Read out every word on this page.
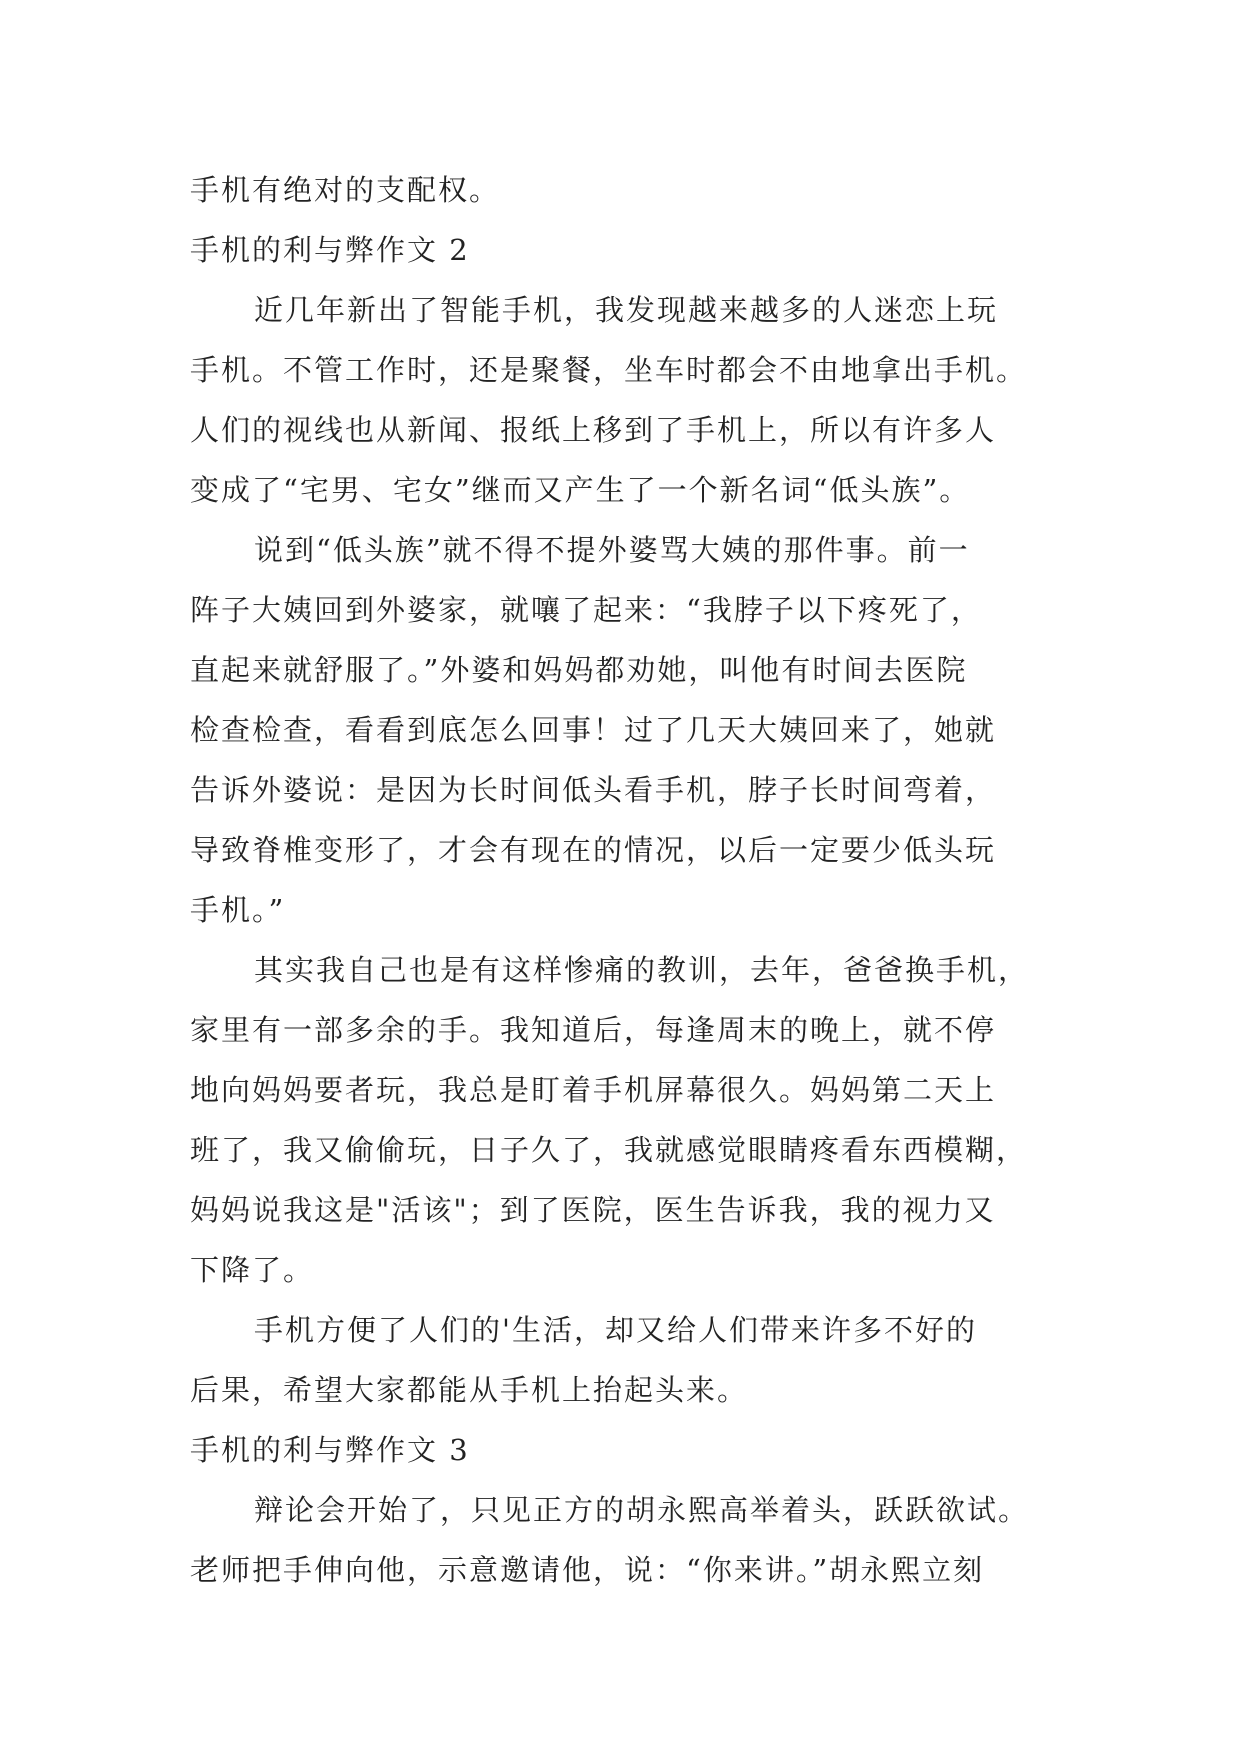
手机有绝对的支配权。
手机的利与弊作文 2
近几年新出了智能手机，我发现越来越多的人迷恋上玩
手机。不管工作时，还是聚餐，坐车时都会不由地拿出手机。
人们的视线也从新闻、报纸上移到了手机上，所以有许多人
变成了“宅男、宅女”继而又产生了一个新名词“低头族”。
说到“低头族”就不得不提外婆骂大姨的那件事。前一
阵子大姨回到外婆家，就嚷了起来：“我脖子以下疼死了，
直起来就舒服了。”外婆和妈妈都劝她，叫他有时间去医院
检查检查，看看到底怎么回事！过了几天大姨回来了，她就
告诉外婆说：是因为长时间低头看手机，脖子长时间弯着，
导致脊椎变形了，才会有现在的情况，以后一定要少低头玩
手机。”
其实我自己也是有这样惨痛的教训，去年，爸爸换手机，
家里有一部多余的手。我知道后，每逢周末的晚上，就不停
地向妈妈要者玩，我总是盯着手机屏幕很久。妈妈第二天上
班了，我又偷偷玩，日子久了，我就感觉眼睛疼看东西模糊，
妈妈说我这是"活该"；到了医院，医生告诉我，我的视力又
下降了。
手机方便了人们的'生活，却又给人们带来许多不好的
后果，希望大家都能从手机上抬起头来。
手机的利与弊作文 3
辩论会开始了，只见正方的胡永熙高举着头，跃跃欲试。
老师把手伸向他，示意邀请他，说：“你来讲。”胡永熙立刻
